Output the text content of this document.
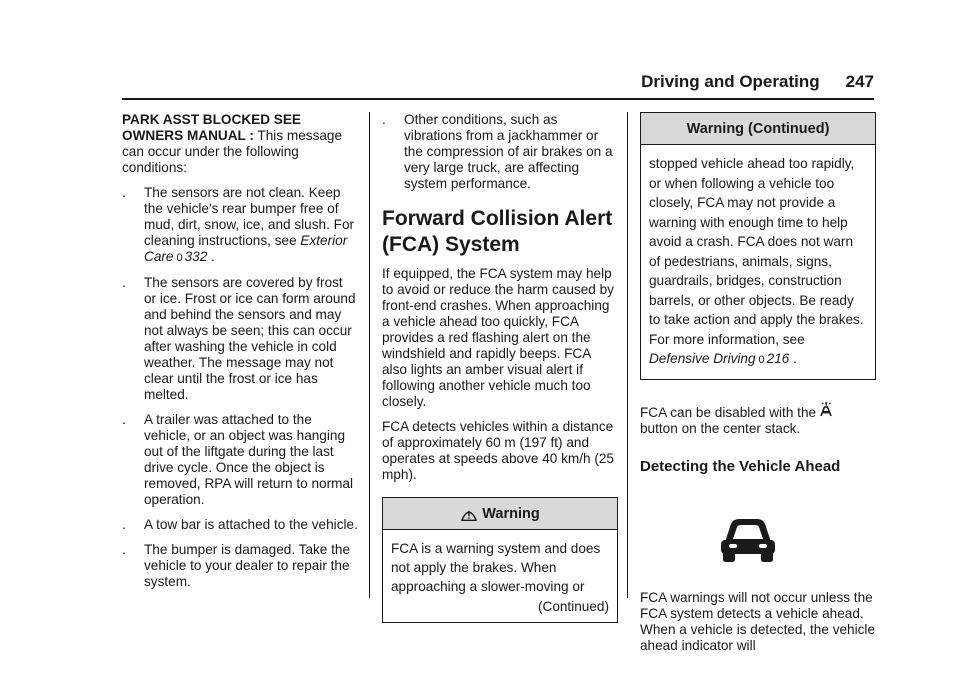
Driving and Operating 247

PARK ASST BLOCKED SEE OWNERS MANUAL : This message can occur under the following conditions:

.	The sensors are not clean. Keep the vehicle's rear bumper free of mud, dirt, snow, ice, and slush. For cleaning instructions, see Exterior Care 0 332 .
.	The sensors are covered by frost or ice. Frost or ice can form around and behind the sensors and may not always be seen; this can occur after washing the vehicle in cold weather. The message may not clear until the frost or ice has melted.
.	A trailer was attached to the vehicle, or an object was hanging out of the liftgate during the last drive cycle. Once the object is removed, RPA will return to normal operation.
.	A tow bar is attached to the vehicle.
.	The bumper is damaged. Take the vehicle to your dealer to repair the system.
.	Other conditions, such as vibrations from a jackhammer or the compression of air brakes on a very large truck, are affecting system performance.
Forward Collision Alert (FCA) System

If equipped, the FCA system may help to avoid or reduce the harm caused by front-end crashes. When approaching a vehicle ahead too quickly, FCA provides a red flashing alert on the windshield and rapidly beeps. FCA also lights an amber visual alert if following another vehicle much too closely.

FCA detects vehicles within a distance of approximately 60 m (197 ft) and operates at speeds above 40 km/h (25 mph).

Warning
FCA is a warning system and does not apply the brakes. When approaching a slower-moving or
(Continued)
Warning (Continued)
stopped vehicle ahead too rapidly, or when following a vehicle too closely, FCA may not provide a warning with enough time to help avoid a crash. FCA does not warn of pedestrians, animals, signs, guardrails, bridges, construction barrels, or other objects. Be ready to take action and apply the brakes. For more information, see Defensive Driving 0 216 .

FCA can be disabled with the
button on the center stack.

Detecting the Vehicle Ahead

FCA warnings will not occur unless the FCA system detects a vehicle ahead. When a vehicle is detected, the vehicle ahead indicator will
